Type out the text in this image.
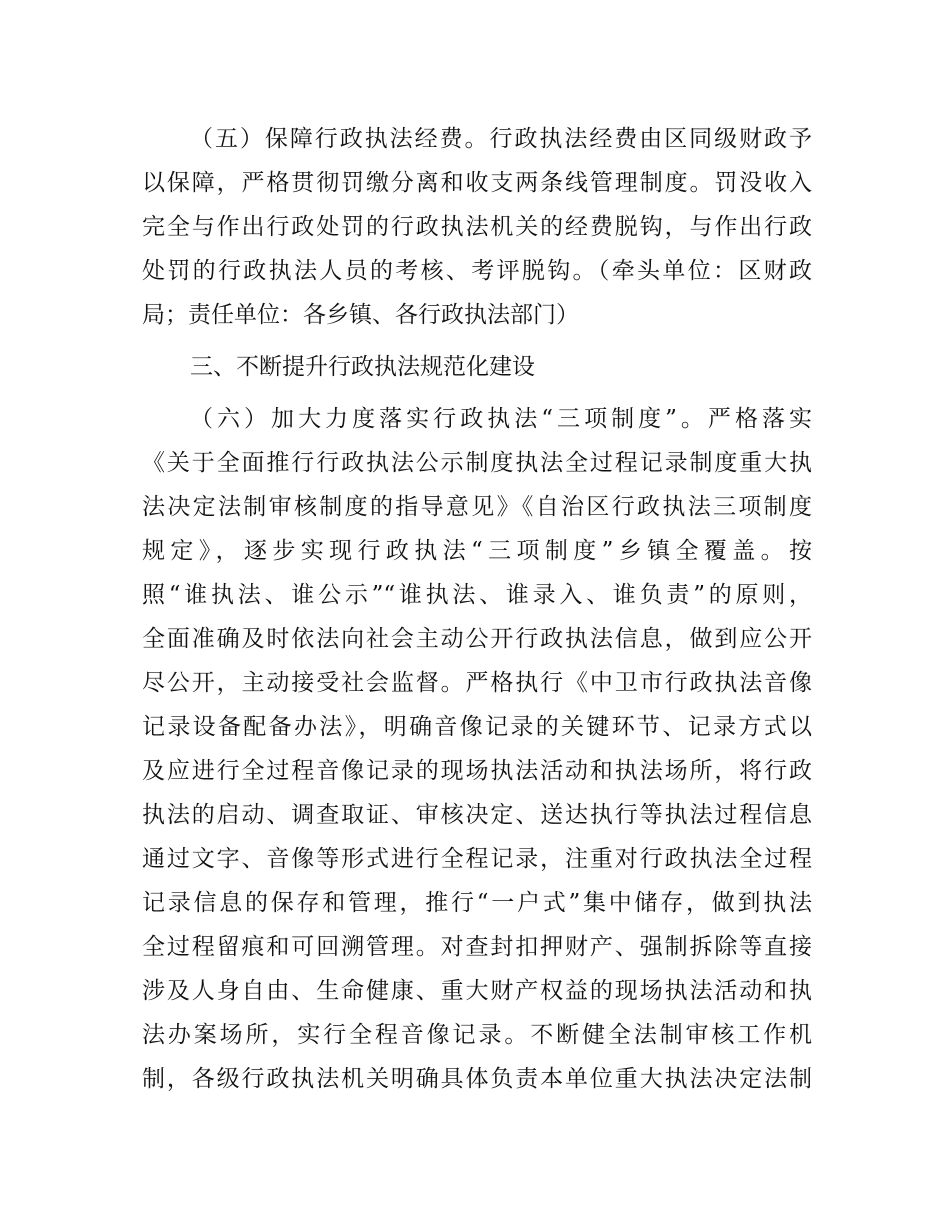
（五）保障行政执法经费。行政执法经费由区同级财政予
以保障，严格贯彻罚缴分离和收支两条线管理制度。罚没收入
完全与作出行政处罚的行政执法机关的经费脱钩，与作出行政
处罚的行政执法人员的考核、考评脱钩。（牵头单位：区财政
局；责任单位：各乡镇、各行政执法部门）
三、不断提升行政执法规范化建设
（六）加大力度落实行政执法“三项制度”。严格落实
《关于全面推行行政执法公示制度执法全过程记录制度重大执
法决定法制审核制度的指导意见》《自治区行政执法三项制度
规定》，逐步实现行政执法“三项制度”乡镇全覆盖。按
照“谁执法、谁公示”“谁执法、谁录入、谁负责”的原则，
全面准确及时依法向社会主动公开行政执法信息，做到应公开
尽公开，主动接受社会监督。严格执行《中卫市行政执法音像
记录设备配备办法》，明确音像记录的关键环节、记录方式以
及应进行全过程音像记录的现场执法活动和执法场所，将行政
执法的启动、调查取证、审核决定、送达执行等执法过程信息
通过文字、音像等形式进行全程记录，注重对行政执法全过程
记录信息的保存和管理，推行“一户式”集中储存，做到执法
全过程留痕和可回溯管理。对查封扣押财产、强制拆除等直接
涉及人身自由、生命健康、重大财产权益的现场执法活动和执
法办案场所，实行全程音像记录。不断健全法制审核工作机
制，各级行政执法机关明确具体负责本单位重大执法决定法制
